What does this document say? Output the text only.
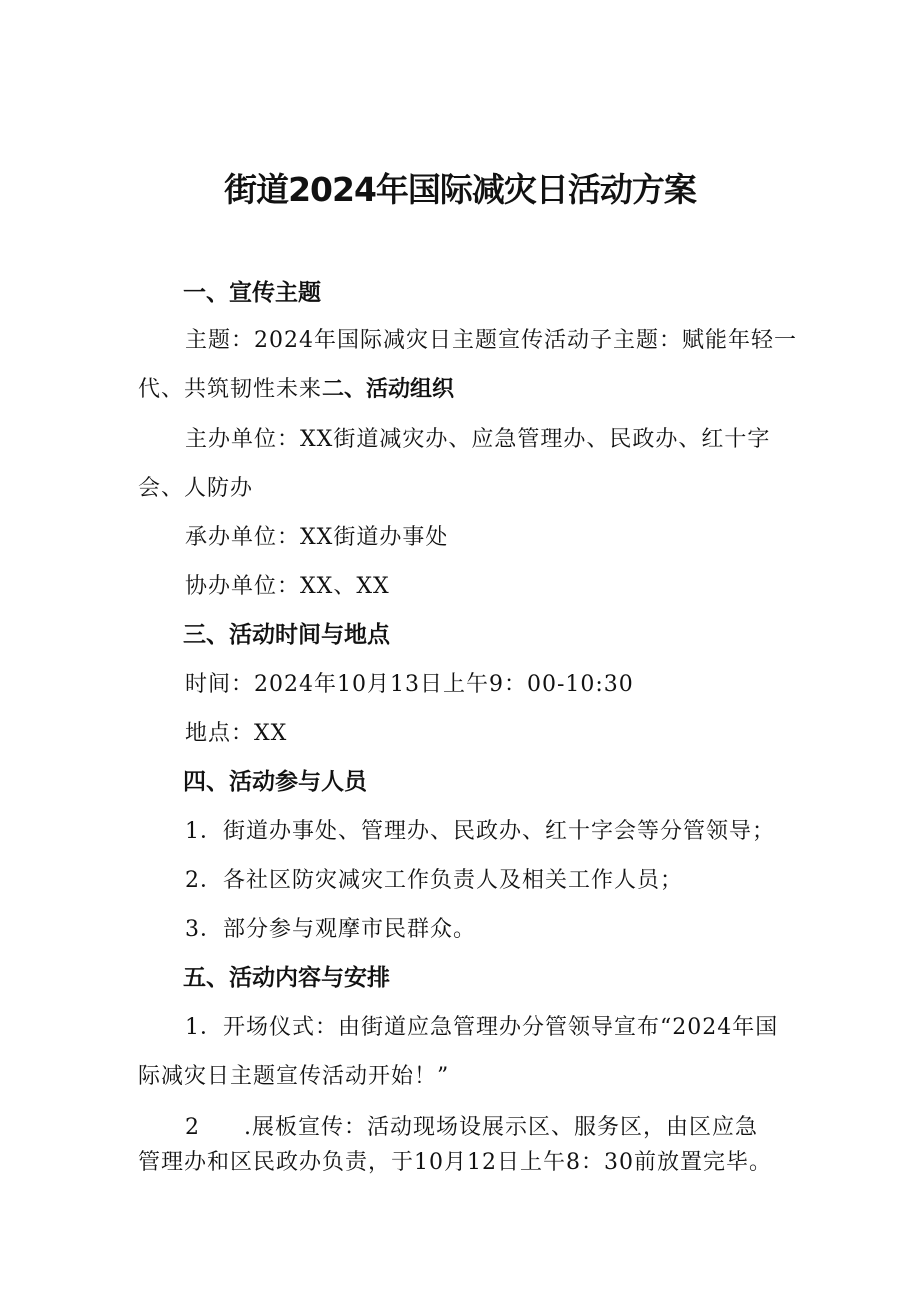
街道2024年国际减灾日活动方案
一、宣传主题
主题：2024年国际减灾日主题宣传活动子主题：赋能年轻一
代、共筑韧性未来二、活动组织
主办单位：XX街道减灾办、应急管理办、民政办、红十字
会、人防办
承办单位：XX街道办事处
协办单位：XX、XX
三、活动时间与地点
时间：2024年10月13日上午9：00-10:30
地点：XX
四、活动参与人员
1．街道办事处、管理办、民政办、红十字会等分管领导；
2．各社区防灾减灾工作负责人及相关工作人员；
3．部分参与观摩市民群众。
五、活动内容与安排
1．开场仪式：由街道应急管理办分管领导宣布“2024年国
际减灾日主题宣传活动开始！”
2 .展板宣传：活动现场设展示区、服务区，由区应急
管理办和区民政办负责，于10月12日上午8：30前放置完毕。
